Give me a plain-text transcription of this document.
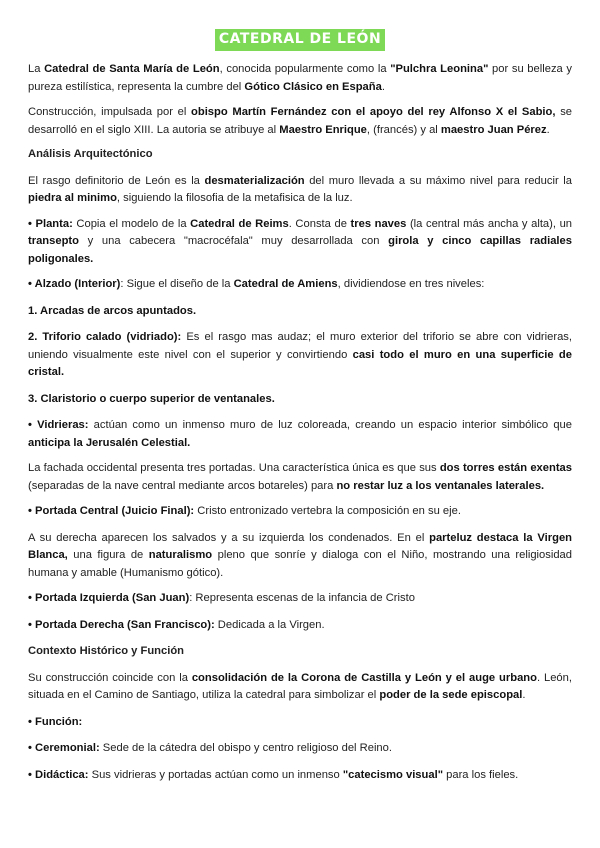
CATEDRAL DE LEÓN

La Catedral de Santa María de León, conocida popularmente como la "Pulchra Leonina" por su belleza y pureza estilística, representa la cumbre del Gótico Clásico en España.

Construcción, impulsada por el obispo Martín Fernández con el apoyo del rey Alfonso X el Sabio, se desarrolló en el siglo XIII. La autoria se atribuye al Maestro Enrique, (francés) y al maestro Juan Pérez.

Análisis Arquitectónico

El rasgo definitorio de León es la desmaterialización del muro llevada a su máximo nivel para reducir la piedra al minimo, siguiendo la filosofia de la metafisica de la luz.

• Planta: Copia el modelo de la Catedral de Reims. Consta de tres naves (la central más ancha y alta), un transepto y una cabecera "macrocéfala" muy desarrollada con girola y cinco capillas radiales poligonales.

• Alzado (Interior): Sigue el diseño de la Catedral de Amiens, dividiendose en tres niveles:

1. Arcadas de arcos apuntados.

2. Triforio calado (vidriado): Es el rasgo mas audaz; el muro exterior del triforio se abre con vidrieras, uniendo visualmente este nivel con el superior y convirtiendo casi todo el muro en una superficie de cristal.

3. Claristorio o cuerpo superior de ventanales.

• Vidrieras: actúan como un inmenso muro de luz coloreada, creando un espacio interior simbólico que anticipa la Jerusalén Celestial.

La fachada occidental presenta tres portadas. Una característica única es que sus dos torres están exentas (separadas de la nave central mediante arcos botareles) para no restar luz a los ventanales laterales.

• Portada Central (Juicio Final): Cristo entronizado vertebra la composición en su eje.

A su derecha aparecen los salvados y a su izquierda los condenados. En el parteluz destaca la Virgen Blanca, una figura de naturalismo pleno que sonríe y dialoga con el Niño, mostrando una religiosidad humana y amable (Humanismo gótico).

• Portada Izquierda (San Juan): Representa escenas de la infancia de Cristo

• Portada Derecha (San Francisco): Dedicada a la Virgen.

Contexto Histórico y Función

Su construcción coincide con la consolidación de la Corona de Castilla y León y el auge urbano. León, situada en el Camino de Santiago, utiliza la catedral para simbolizar el poder de la sede episcopal.

• Función:

• Ceremonial: Sede de la cátedra del obispo y centro religioso del Reino.

• Didáctica: Sus vidrieras y portadas actúan como un inmenso "catecismo visual" para los fieles.
